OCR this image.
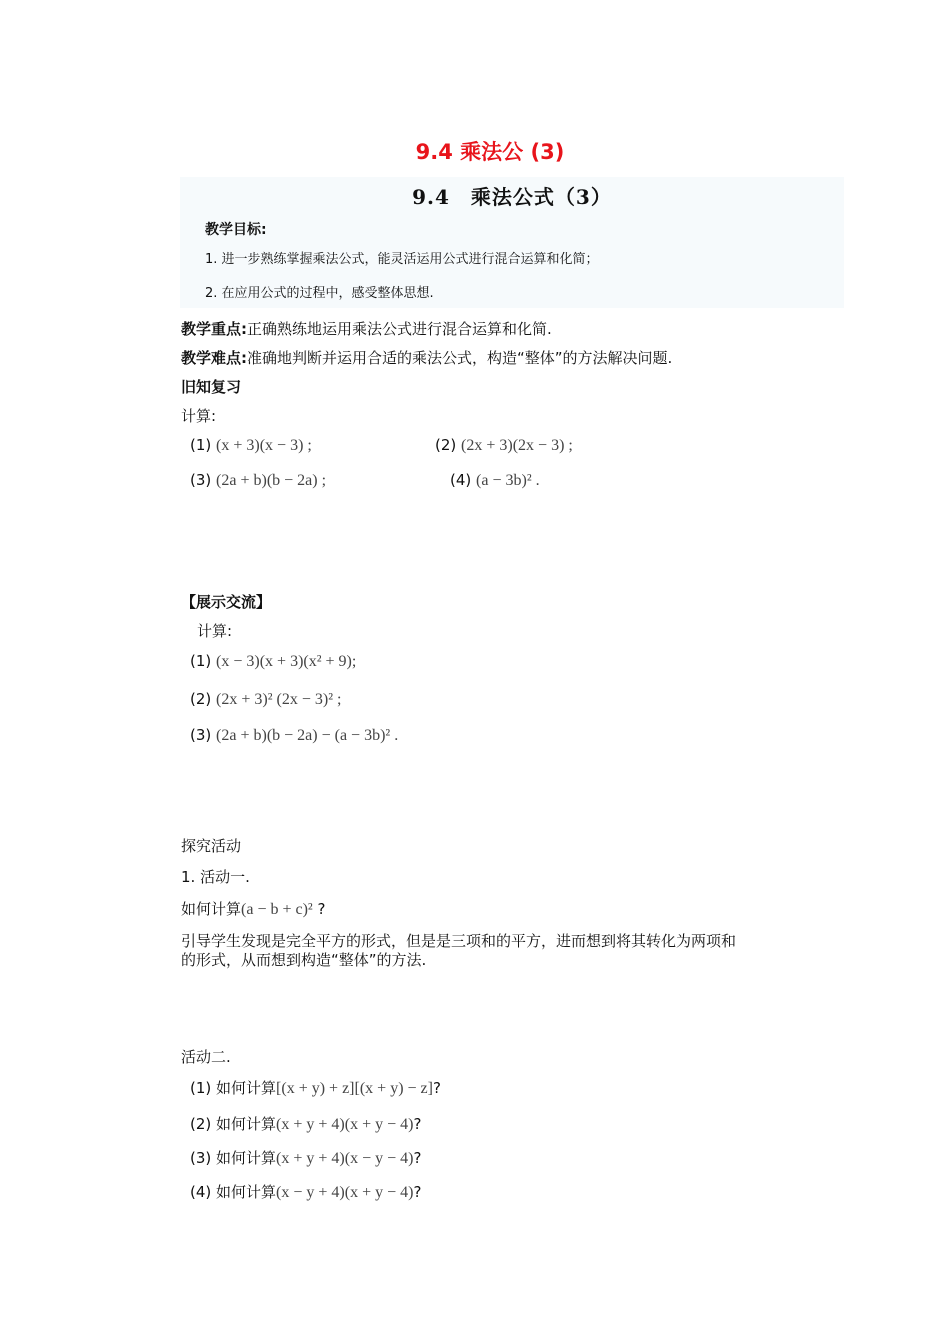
9.4 乘法公 (3)
9.4　乘法公式（3）
教学目标:
1. 进一步熟练掌握乘法公式，能灵活运用公式进行混合运算和化简；
2. 在应用公式的过程中，感受整体思想.
教学重点:正确熟练地运用乘法公式进行混合运算和化简.
教学难点:准确地判断并运用合适的乘法公式，构造“整体”的方法解决问题.
旧知复习
计算:
(1) (x + 3)(x − 3) ;	(2) (2x + 3)(2x − 3) ;
(3) (2a + b)(b − 2a) ;	(4) (a − 3b)² .
【展示交流】
计算:
(1) (x − 3)(x + 3)(x² + 9);
(2) (2x + 3)² (2x − 3)² ;
(3) (2a + b)(b − 2a) − (a − 3b)² .
探究活动
1. 活动一.
如何计算(a − b + c)² ?
引导学生发现是完全平方的形式，但是是三项和的平方，进而想到将其转化为两项和
的形式，从而想到构造“整体”的方法.
活动二.
(1) 如何计算[(x + y) + z][(x + y) − z]?
(2) 如何计算(x + y + 4)(x + y − 4)?
(3) 如何计算(x + y + 4)(x − y − 4)?
(4) 如何计算(x − y + 4)(x + y − 4)?
